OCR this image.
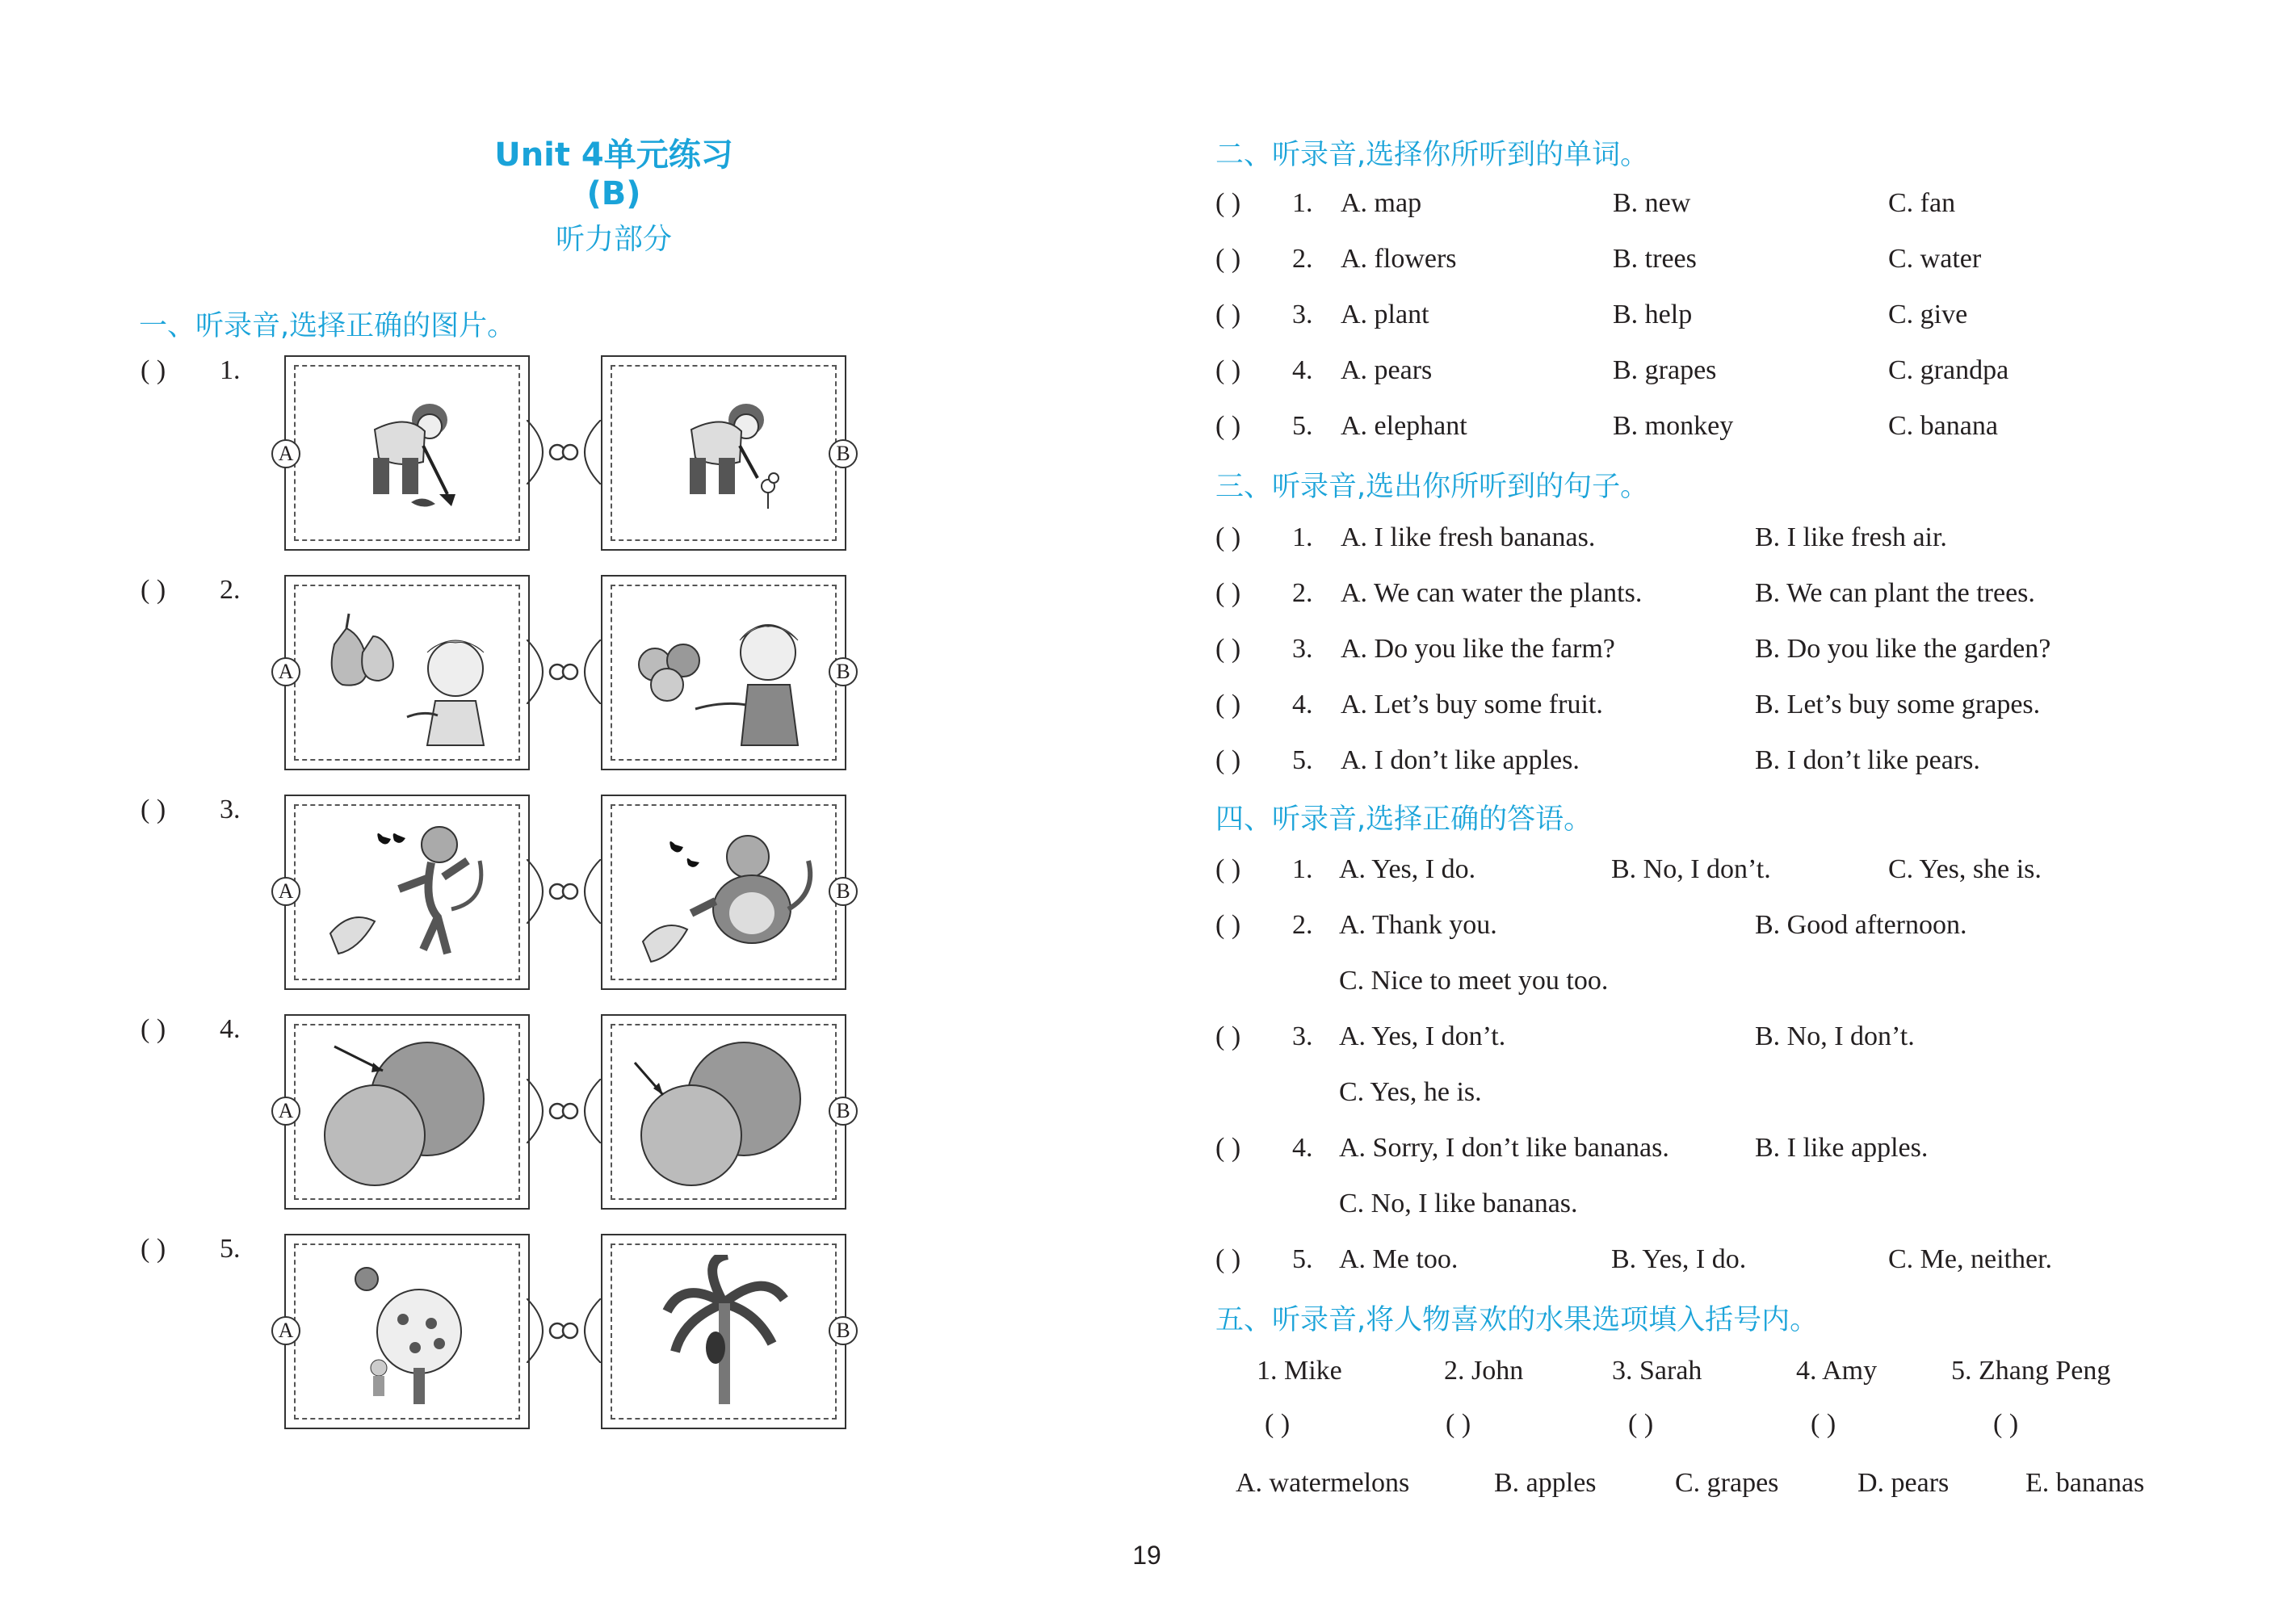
Unit 4单元练习(B)
听力部分
一、听录音,选择正确的图片。
( ) 1.
A	B
( ) 2.
A	B
( ) 3.
A	B
( ) 4.
A	B
( ) 5.
A	B
二、听录音,选择你所听到的单词。
( ) 1. A. map	B. new	C. fan
( ) 2. A. flowers	B. trees	C. water
( ) 3. A. plant	B. help	C. give
( ) 4. A. pears	B. grapes	C. grandpa
( ) 5. A. elephant	B. monkey	C. banana
三、听录音,选出你所听到的句子。
( ) 1. A. I like fresh bananas.	B. I like fresh air.
( ) 2. A. We can water the plants.	B. We can plant the trees.
( ) 3. A. Do you like the farm?	B. Do you like the garden?
( ) 4. A. Let’s buy some fruit.	B. Let’s buy some grapes.
( ) 5. A. I don’t like apples.	B. I don’t like pears.
四、听录音,选择正确的答语。
( ) 1. A. Yes, I do.	B. No, I don’t.	C. Yes, she is.
( ) 2. A. Thank you.	B. Good afternoon.
C. Nice to meet you too.
( ) 3. A. Yes, I don’t.	B. No, I don’t.
C. Yes, he is.
( ) 4. A. Sorry, I don’t like bananas.	B. I like apples.
C. No, I like bananas.
( ) 5. A. Me too.	B. Yes, I do.	C. Me, neither.
五、听录音,将人物喜欢的水果选项填入括号内。
1. Mike	2. John	3. Sarah	4. Amy	5. Zhang Peng
( )	( )	( )	( )	( )
A. watermelons	B. apples	C. grapes	D. pears	E. bananas
19
